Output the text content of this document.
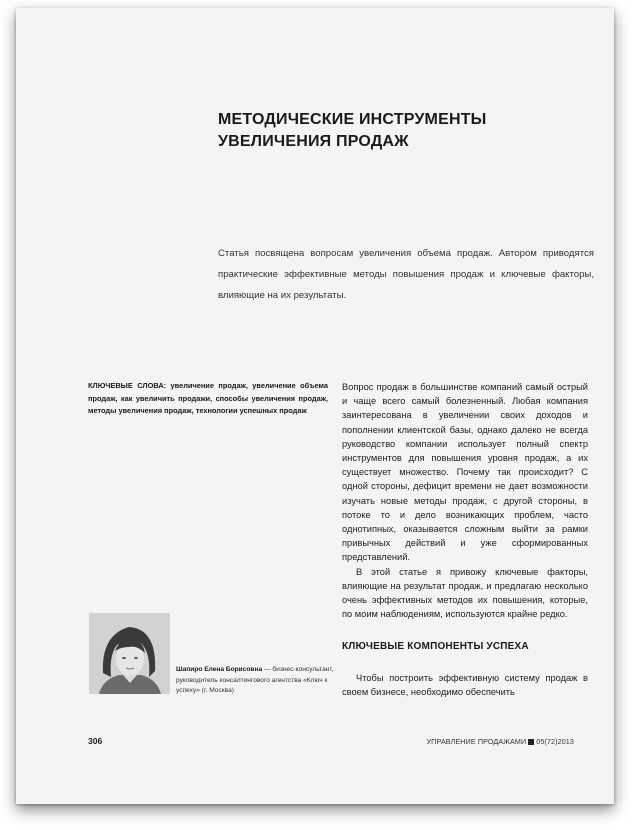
МЕТОДИЧЕСКИЕ ИНСТРУМЕНТЫ
УВЕЛИЧЕНИЯ ПРОДАЖ

Статья посвящена вопросам увеличения объема продаж. Автором приводятся практические эффективные методы повышения продаж и ключевые факторы, влияющие на их результаты.

КЛЮЧЕВЫЕ СЛОВА: увеличение продаж, увеличение объема продаж, как увеличить продажи, способы увеличения продаж, методы увеличения продаж, технологии успешных продаж

Вопрос продаж в большинстве компаний самый острый и чаще всего самый болезненный. Любая компания заинтересована в увеличении своих доходов и пополнении клиентской базы, однако далеко не всегда руководство компании использует полный спектр инструментов для повышения уровня продаж, а их существует множество. Почему так происходит? С одной стороны, дефицит времени не дает возможности изучать новые методы продаж, с другой стороны, в потоке то и дело возникающих проблем, часто однотипных, оказывается сложным выйти за рамки привычных действий и уже сформированных представлений.

В этой статье я привожу ключевые факторы, влияющие на результат продаж, и предлагаю несколько очень эффективных методов их повышения, которые, по моим наблюдениям, используются крайне редко.

КЛЮЧЕВЫЕ КОМПОНЕНТЫ УСПЕХА

Чтобы построить эффективную систему продаж в своем бизнесе, необходимо обеспечить

Шапиро Елена Борисовна — бизнес-консультант, руководитель консалтингового агентства «Ключ к успеху» (г. Москва)

306	УПРАВЛЕНИЕ ПРОДАЖАМИ 05(72)2013
